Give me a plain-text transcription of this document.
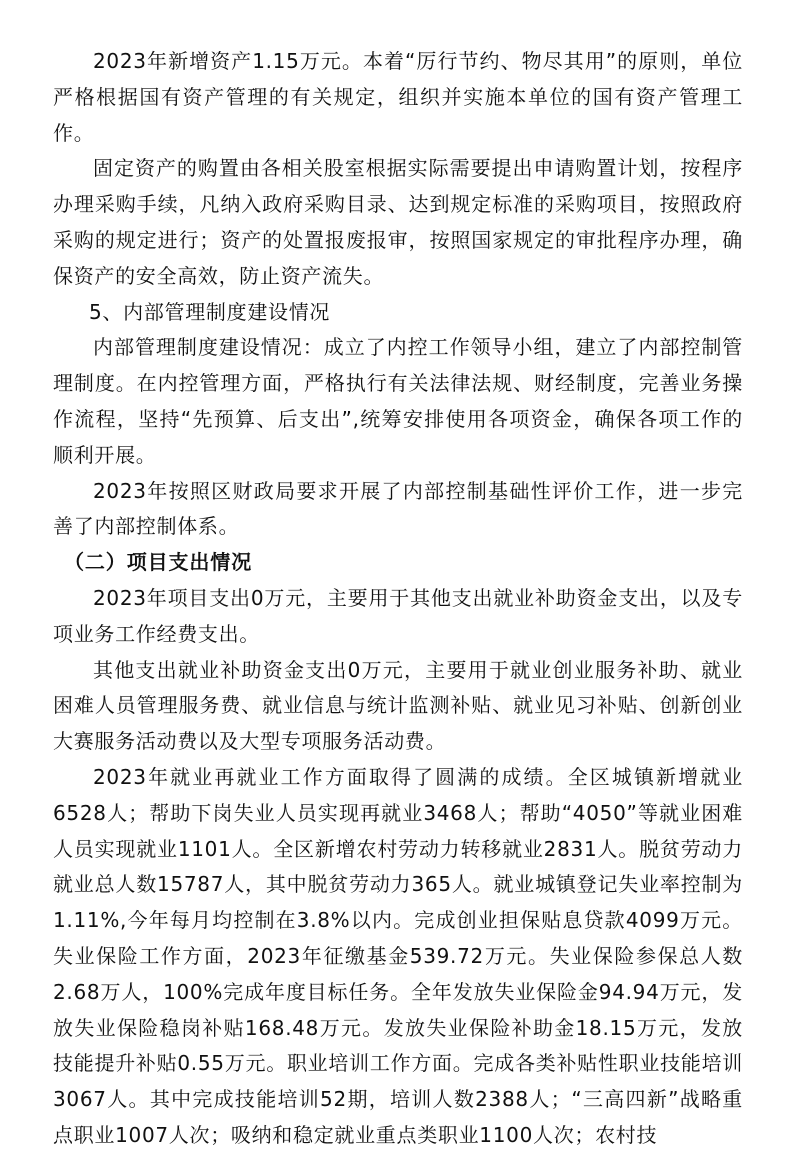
2023年新增资产1.15万元。本着“厉行节约、物尽其用”的原则，单位严格根据国有资产管理的有关规定，组织并实施本单位的国有资产管理工作。

固定资产的购置由各相关股室根据实际需要提出申请购置计划，按程序办理采购手续，凡纳入政府采购目录、达到规定标准的采购项目，按照政府采购的规定进行；资产的处置报废报审，按照国家规定的审批程序办理，确保资产的安全高效，防止资产流失。

5、内部管理制度建设情况

内部管理制度建设情况：成立了内控工作领导小组，建立了内部控制管理制度。在内控管理方面，严格执行有关法律法规、财经制度，完善业务操作流程，坚持“先预算、后支出”,统筹安排使用各项资金，确保各项工作的顺利开展。

2023年按照区财政局要求开展了内部控制基础性评价工作，进一步完善了内部控制体系。

（二）项目支出情况

2023年项目支出0万元，主要用于其他支出就业补助资金支出，以及专项业务工作经费支出。

其他支出就业补助资金支出0万元，主要用于就业创业服务补助、就业困难人员管理服务费、就业信息与统计监测补贴、就业见习补贴、创新创业大赛服务活动费以及大型专项服务活动费。

2023年就业再就业工作方面取得了圆满的成绩。全区城镇新增就业6528人；帮助下岗失业人员实现再就业3468人；帮助“4050”等就业困难人员实现就业1101人。全区新增农村劳动力转移就业2831人。脱贫劳动力就业总人数15787人，其中脱贫劳动力365人。就业城镇登记失业率控制为1.11%,今年每月均控制在3.8%以内。完成创业担保贴息贷款4099万元。失业保险工作方面，2023年征缴基金539.72万元。失业保险参保总人数2.68万人，100%完成年度目标任务。全年发放失业保险金94.94万元，发放失业保险稳岗补贴168.48万元。发放失业保险补助金18.15万元，发放技能提升补贴0.55万元。职业培训工作方面。完成各类补贴性职业技能培训3067人。其中完成技能培训52期，培训人数2388人；“三高四新”战略重点职业1007人次；吸纳和稳定就业重点类职业1100人次；农村技
